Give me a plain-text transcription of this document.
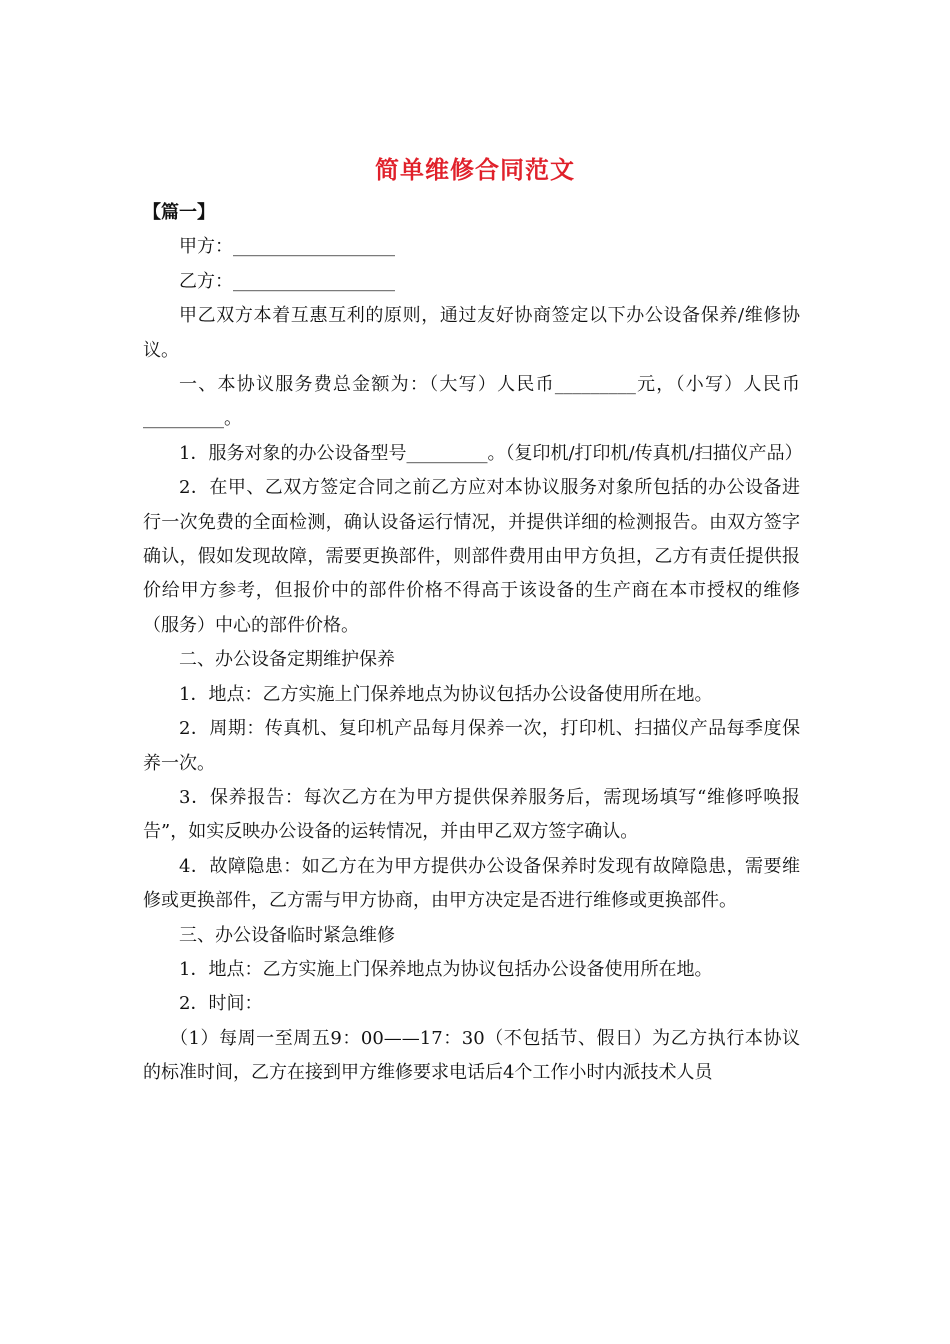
简单维修合同范文

【篇一】

甲方：__________________

乙方：__________________

甲乙双方本着互惠互利的原则，通过友好协商签定以下办公设备保养/维修协议。

一、本协议服务费总金额为：（大写）人民币_________元，（小写）人民币_________。

1．服务对象的办公设备型号_________。（复印机/打印机/传真机/扫描仪产品）

2．在甲、乙双方签定合同之前乙方应对本协议服务对象所包括的办公设备进行一次免费的全面检测，确认设备运行情况，并提供详细的检测报告。由双方签字确认，假如发现故障，需要更换部件，则部件费用由甲方负担，乙方有责任提供报价给甲方参考，但报价中的部件价格不得高于该设备的生产商在本市授权的维修（服务）中心的部件价格。

二、办公设备定期维护保养

1．地点：乙方实施上门保养地点为协议包括办公设备使用所在地。

2．周期：传真机、复印机产品每月保养一次，打印机、扫描仪产品每季度保养一次。

3．保养报告：每次乙方在为甲方提供保养服务后，需现场填写“维修呼唤报告”，如实反映办公设备的运转情况，并由甲乙双方签字确认。

4．故障隐患：如乙方在为甲方提供办公设备保养时发现有故障隐患，需要维修或更换部件，乙方需与甲方协商，由甲方决定是否进行维修或更换部件。

三、办公设备临时紧急维修

1．地点：乙方实施上门保养地点为协议包括办公设备使用所在地。

2．时间：

（1）每周一至周五9：00——17：30（不包括节、假日）为乙方执行本协议的标准时间，乙方在接到甲方维修要求电话后4个工作小时内派技术人员
